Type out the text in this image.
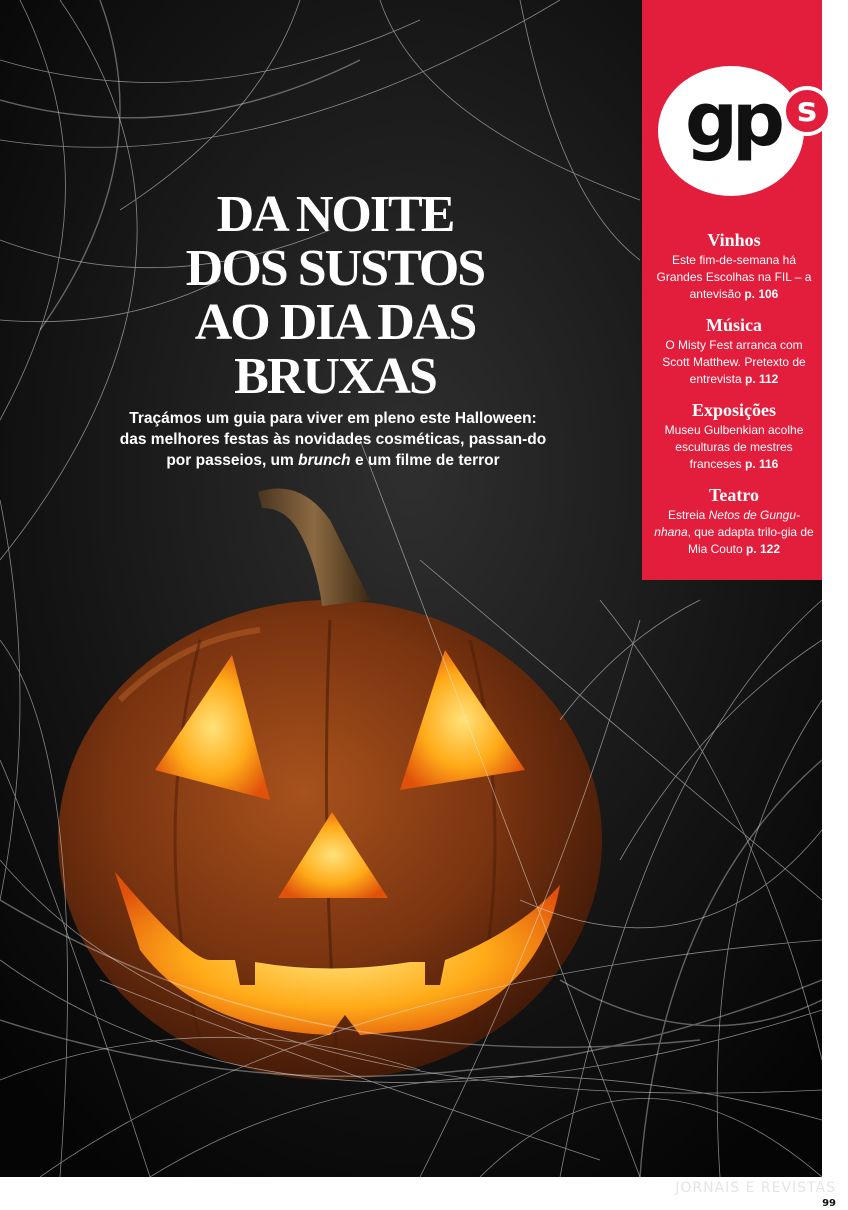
DA NOITE
DOS SUSTOS
AO DIA DAS
BRUXAS

Traçámos um guia para viver em pleno este Halloween: das melhores festas às novidades cosméticas, passan-do por passeios, um brunch e um filme de terror

gp s
Vinhos

Este fim-de-semana há Grandes Escolhas na FIL – a antevisão p. 106

Música

O Misty Fest arranca com Scott Matthew. Pretexto de entrevista p. 112

Exposições

Museu Gulbenkian acolhe esculturas de mestres franceses p. 116

Teatro

Estreia Netos de Gungu-nhana, que adapta trilo-gia de Mia Couto p. 122

JORNAIS E REVISTAS
99
